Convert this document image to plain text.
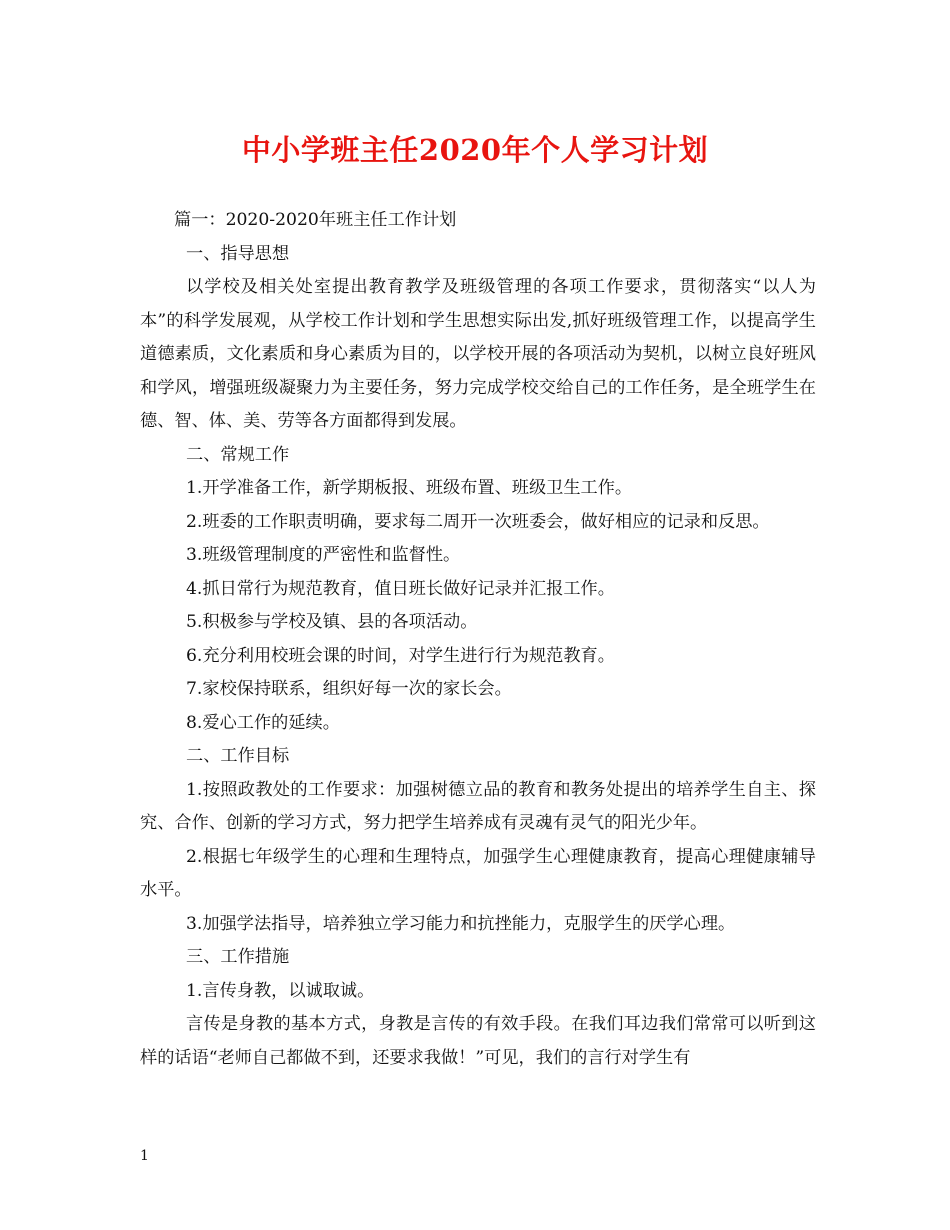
中小学班主任2020年个人学习计划

篇一：2020-2020年班主任工作计划

一、指导思想

以学校及相关处室提出教育教学及班级管理的各项工作要求，贯彻落实“以人为本”的科学发展观，从学校工作计划和学生思想实际出发,抓好班级管理工作，以提高学生道德素质，文化素质和身心素质为目的，以学校开展的各项活动为契机，以树立良好班风和学风，增强班级凝聚力为主要任务，努力完成学校交给自己的工作任务，是全班学生在德、智、体、美、劳等各方面都得到发展。

二、常规工作

1.开学准备工作，新学期板报、班级布置、班级卫生工作。

2.班委的工作职责明确，要求每二周开一次班委会，做好相应的记录和反思。

3.班级管理制度的严密性和监督性。

4.抓日常行为规范教育，值日班长做好记录并汇报工作。

5.积极参与学校及镇、县的各项活动。

6.充分利用校班会课的时间，对学生进行行为规范教育。

7.家校保持联系，组织好每一次的家长会。

8.爱心工作的延续。

二、工作目标

1.按照政教处的工作要求：加强树德立品的教育和教务处提出的培养学生自主、探究、合作、创新的学习方式，努力把学生培养成有灵魂有灵气的阳光少年。

2.根据七年级学生的心理和生理特点，加强学生心理健康教育，提高心理健康辅导水平。

3.加强学法指导，培养独立学习能力和抗挫能力，克服学生的厌学心理。

三、工作措施

1.言传身教，以诚取诚。

言传是身教的基本方式，身教是言传的有效手段。在我们耳边我们常常可以听到这样的话语“老师自己都做不到，还要求我做！”可见，我们的言行对学生有

1
